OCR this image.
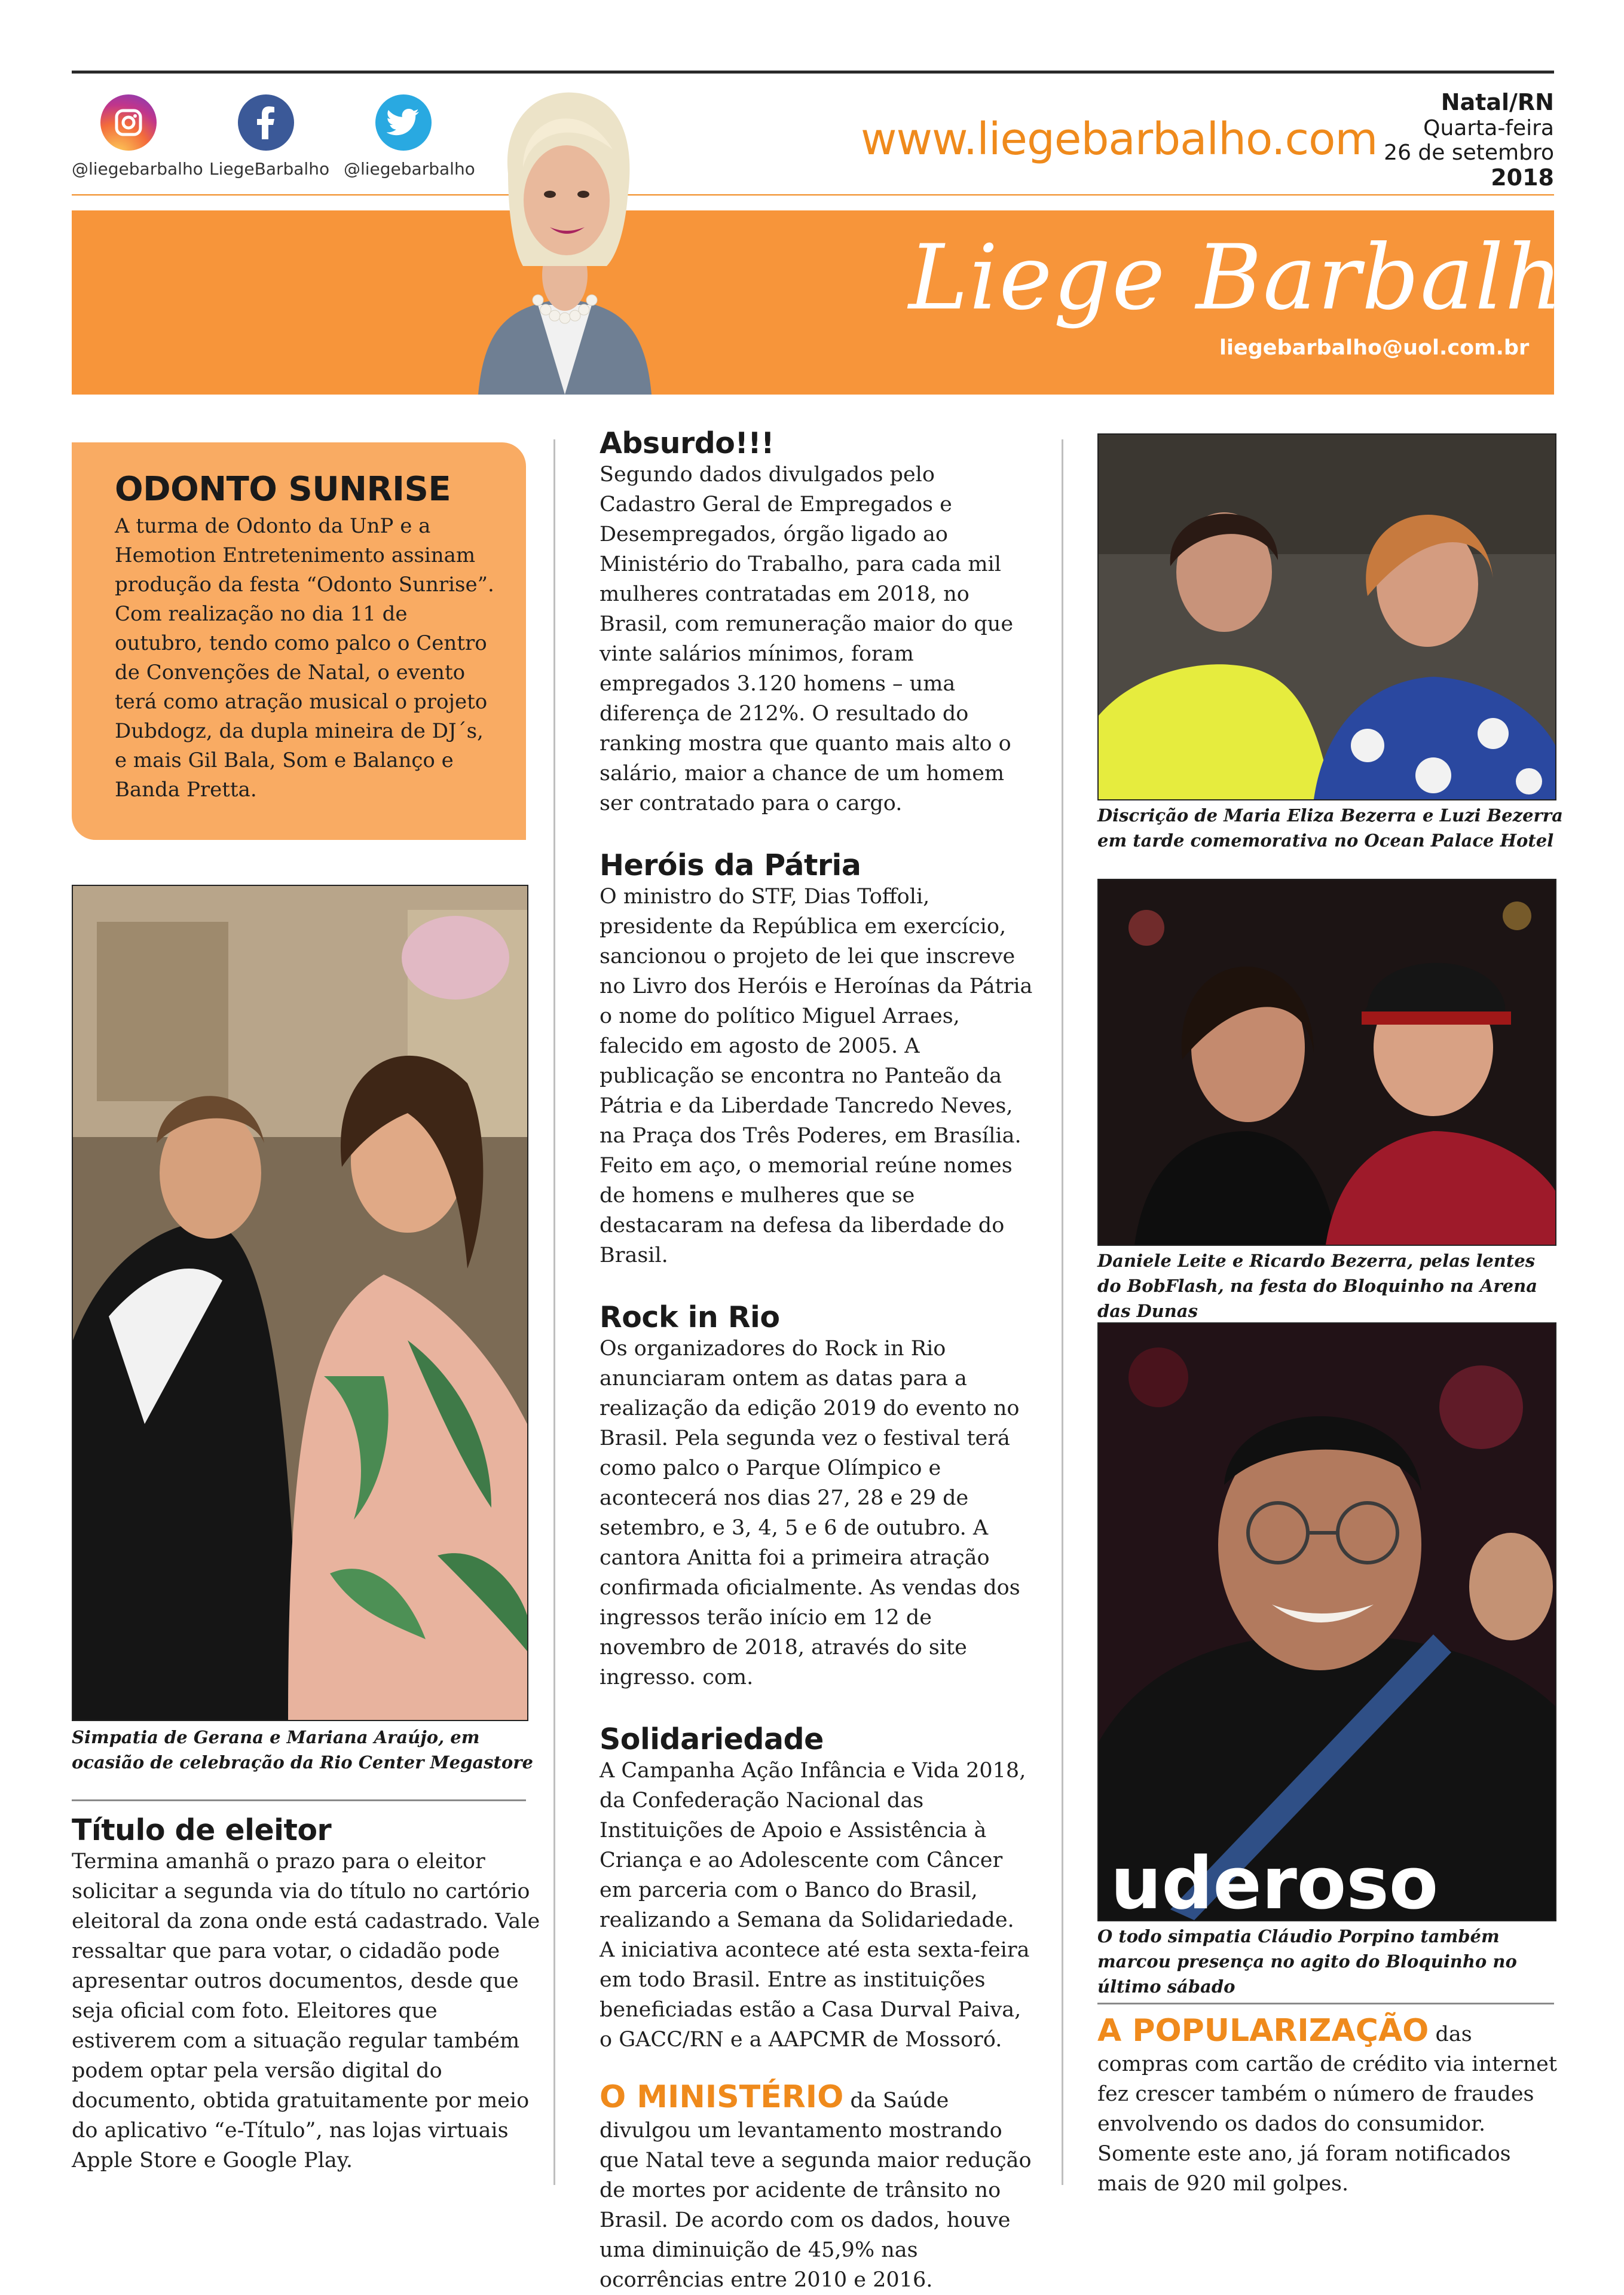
@liegebarbalho LiegeBarbalho @liegebarbalho
www.liegebarbalho.com
Natal/RN
Quarta-feira
26 de setembro
2018
Liege Barbalho
liegebarbalho@uol.com.br
ODONTO SUNRISE

A turma de Odonto da UnP e a Hemotion Entretenimento assinam produção da festa “Odonto Sunrise”. Com realização no dia 11 de outubro, tendo como palco o Centro de Convenções de Natal, o evento terá como atração musical o projeto Dubdogz, da dupla mineira de DJ´s, e mais Gil Bala, Som e Balanço e Banda Pretta.

Simpatia de Gerana e Mariana Araújo, em ocasião de celebração da Rio Center Megastore

Título de eleitor

Termina amanhã o prazo para o eleitor solicitar a segunda via do título no cartório eleitoral da zona onde está cadastrado. Vale ressaltar que para votar, o cidadão pode apresentar outros documentos, desde que seja oficial com foto. Eleitores que estiverem com a situação regular também podem optar pela versão digital do documento, obtida gratuitamente por meio do aplicativo “e-Título”, nas lojas virtuais Apple Store e Google Play.

Absurdo!!!

Segundo dados divulgados pelo Cadastro Geral de Empregados e Desempregados, órgão ligado ao Ministério do Trabalho, para cada mil mulheres contratadas em 2018, no Brasil, com remuneração maior do que vinte salários mínimos, foram empregados 3.120 homens – uma diferença de 212%. O resultado do ranking mostra que quanto mais alto o salário, maior a chance de um homem ser contratado para o cargo.

Heróis da Pátria

O ministro do STF, Dias Toffoli, presidente da República em exercício, sancionou o projeto de lei que inscreve no Livro dos Heróis e Heroínas da Pátria o nome do político Miguel Arraes, falecido em agosto de 2005. A publicação se encontra no Panteão da Pátria e da Liberdade Tancredo Neves, na Praça dos Três Poderes, em Brasília. Feito em aço, o memorial reúne nomes de homens e mulheres que se destacaram na defesa da liberdade do Brasil.

Rock in Rio

Os organizadores do Rock in Rio anunciaram ontem as datas para a realização da edição 2019 do evento no Brasil. Pela segunda vez o festival terá como palco o Parque Olímpico e acontecerá nos dias 27, 28 e 29 de setembro, e 3, 4, 5 e 6 de outubro. A cantora Anitta foi a primeira atração confirmada oficialmente. As vendas dos ingressos terão início em 12 de novembro de 2018, através do site ingresso. com.

Solidariedade

A Campanha Ação Infância e Vida 2018, da Confederação Nacional das Instituições de Apoio e Assistência à Criança e ao Adolescente com Câncer em parceria com o Banco do Brasil, realizando a Semana da Solidariedade. A iniciativa acontece até esta sexta-feira em todo Brasil. Entre as instituições beneficiadas estão a Casa Durval Paiva, o GACC/RN e a AAPCMR de Mossoró.

O MINISTÉRIO da Saúde divulgou um levantamento mostrando que Natal teve a segunda maior redução de mortes por acidente de trânsito no Brasil. De acordo com os dados, houve uma diminuição de 45,9% nas ocorrências entre 2010 e 2016.

Discrição de Maria Eliza Bezerra e Luzi Bezerra em tarde comemorativa no Ocean Palace Hotel

Daniele Leite e Ricardo Bezerra, pelas lentes do BobFlash, na festa do Bloquinho na Arena das Dunas

uderoso

O todo simpatia Cláudio Porpino também marcou presença no agito do Bloquinho no último sábado

A POPULARIZAÇÃO das compras com cartão de crédito via internet fez crescer também o número de fraudes envolvendo os dados do consumidor. Somente este ano, já foram notificados mais de 920 mil golpes.
